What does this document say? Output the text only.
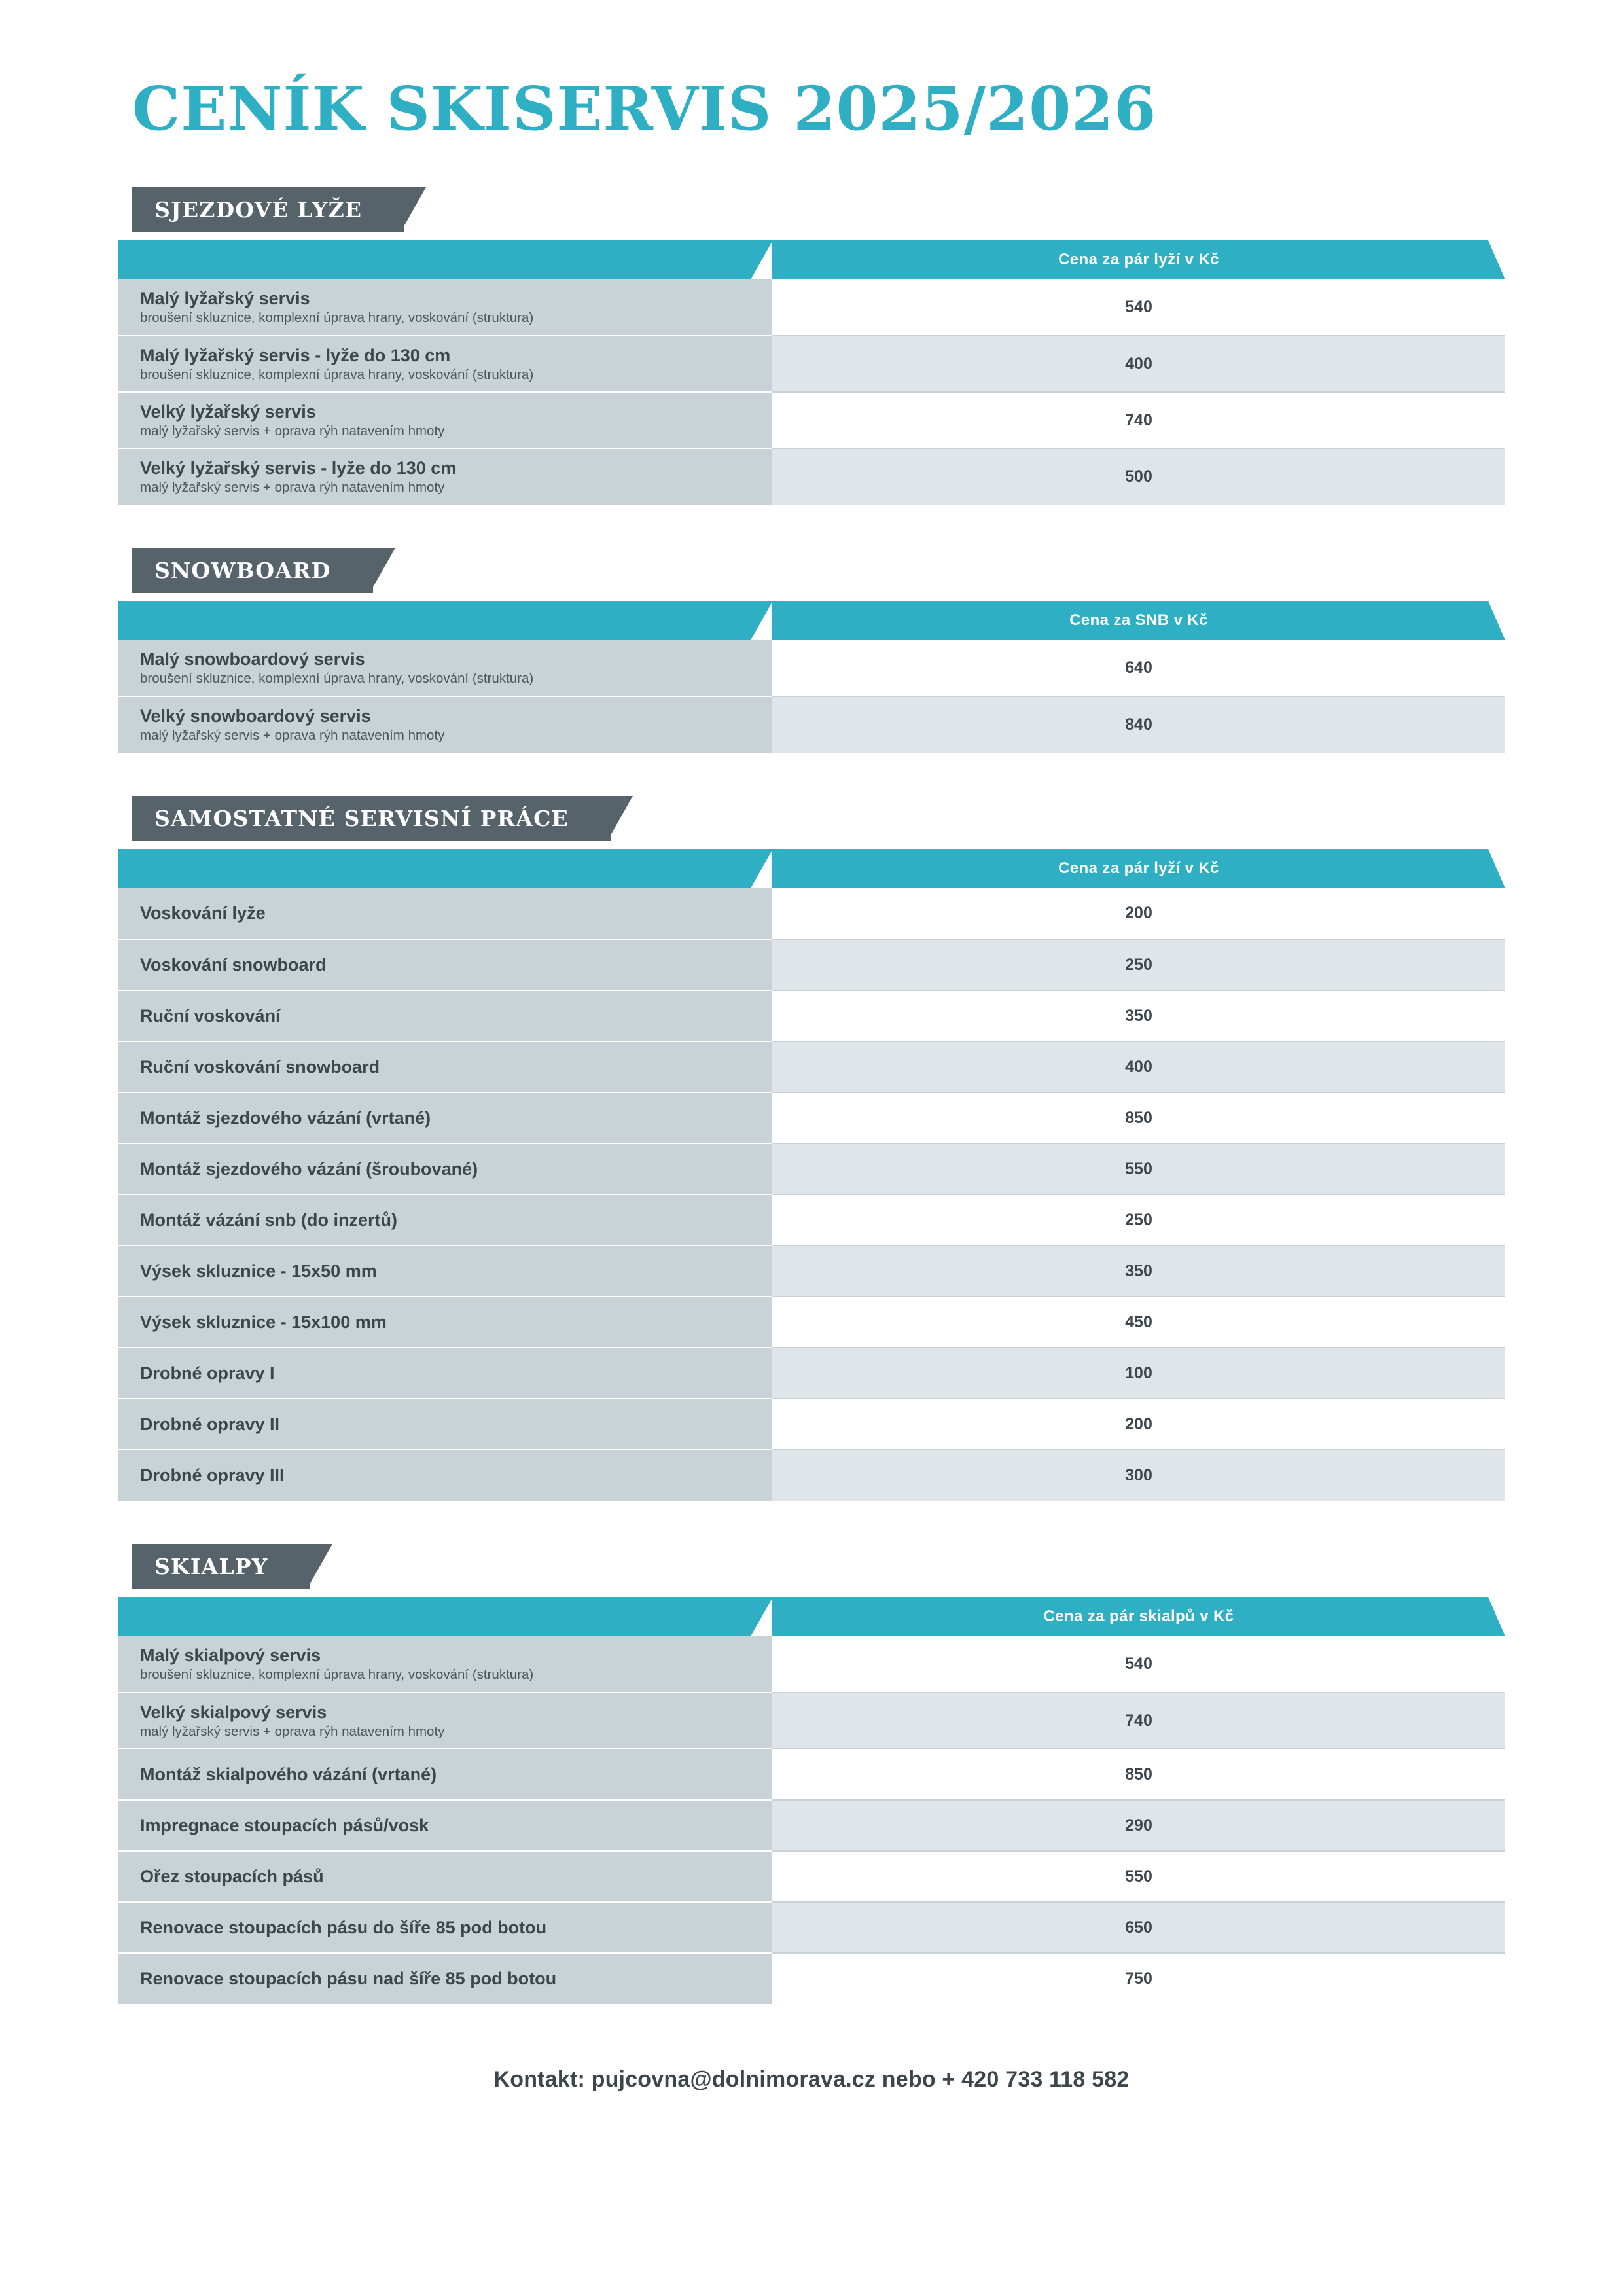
CENÍK SKISERVIS 2025/2026
SJEZDOVÉ LYŽE
	Cena za pár lyží v Kč

Malý lyžařský servis
broušení skluznice, komplexní úprava hrany, voskování (struktura)	540

Malý lyžařský servis - lyže do 130 cm
broušení skluznice, komplexní úprava hrany, voskování (struktura)	400

Velký lyžařský servis
malý lyžařský servis + oprava rýh natavením hmoty	740

Velký lyžařský servis - lyže do 130 cm
malý lyžařský servis + oprava rýh natavením hmoty	500
SNOWBOARD
	Cena za SNB v Kč

Malý snowboardový servis
broušení skluznice, komplexní úprava hrany, voskování (struktura)	640

Velký snowboardový servis
malý lyžařský servis + oprava rýh natavením hmoty	840
SAMOSTATNÉ SERVISNÍ PRÁCE
	Cena za pár lyží v Kč

Voskování lyže	200

Voskování snowboard	250

Ruční voskování	350

Ruční voskování snowboard	400

Montáž sjezdového vázání (vrtané)	850

Montáž sjezdového vázání (šroubované)	550

Montáž vázání snb (do inzertů)	250

Výsek skluznice - 15x50 mm	350

Výsek skluznice - 15x100 mm	450

Drobné opravy I	100

Drobné opravy II	200

Drobné opravy III	300
SKIALPY
	Cena za pár skialpů v Kč

Malý skialpový servis
broušení skluznice, komplexní úprava hrany, voskování (struktura)	540

Velký skialpový servis
malý lyžařský servis + oprava rýh natavením hmoty	740

Montáž skialpového vázání (vrtané)	850

Impregnace stoupacích pásů/vosk	290

Ořez stoupacích pásů	550

Renovace stoupacích pásu do šíře 85 pod botou	650

Renovace stoupacích pásu nad šíře 85 pod botou	750
Kontakt: pujcovna@dolnimorava.cz nebo + 420 733 118 582
